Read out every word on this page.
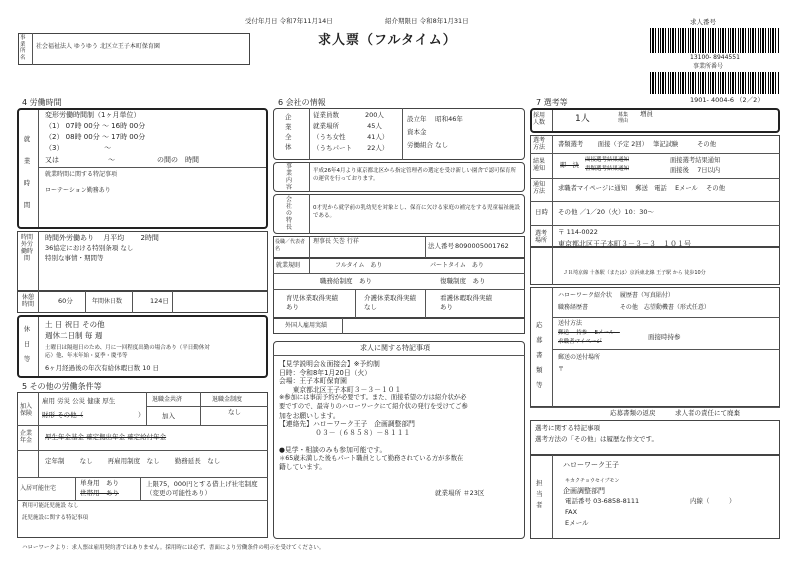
受付年月日 令和7年11月14日	紹介期限日 令和8年1月31日
求人票（フルタイム）
事業所名
社会福祉法人 ゆうゆう 北区立王子本町保育園
求人番号
13100- 8944551
事業所番号
1901- 4004-6 （2／2）
4 労働時間
就業時間
変形労働時間制（1ヶ月単位）
（1） 07時 00分 ～ 16時 00分
（2） 08時 00分 ～ 17時 00分
（3）　　　　　　 ～
又は　　　　　　　～　　　　　　の間の　時間
就業時間に関する特記事項
ローテーション勤務あり
時間外労働時間
時間外労働あり　 月平均　　 2時間
36協定における特別条項 なし
特別な事情・期間等
休憩時間	60分	年間休日数	124日
休日等
土 日 祝日 その他
週休二日制 毎 週
土曜日は隔週日のため、月に一回程度出勤の場合あり（平日勤休対
応）他、年末年始・夏季・慶弔等
6ヶ月経過後の年次有給休暇日数 10 日
5 その他の労働条件等
加入保険
雇用 労災 公災 健康 厚生
財形 その他（	）
退職金共済
加入
退職金制度
なし
企業年金	厚生年金基金 確定拠出年金 確定給付年金
定年制　　 なし　　 再雇用制度　なし　　 勤務延長　なし
入居可能住宅
単身用　あり
世帯用　あり
上限75，000円とする借上げ社宅制度（変更の可能性あり）
利用可能託児施設 なし
託児施設に関する特記事項
6 会社の情報
企業全体
従業員数　　　　200人
就業場所　　　　 45人
（うち女性　　　 41人）
（うちパート　　 22人）
設立年　 昭和46年
資本金
労働組合 なし
事業内容
平成26年4月より東京都北区から指定管理者の選定を受け新しい園舎で認可保育所の運営を行っております。
会社の特長
0才児から就学前の乳幼児を対象とし、保育に欠ける家庭の補完をする児童福祉施設である。
役職／代表者名
理事長 矢巻 行祥
法人番号 8090005001762
就業規則	フルタイム　あり	パートタイム　あり
職務給制度　あり	復職制度　あり
育児休業取得実績　あり
介護休業取得実績　なし
看護休暇取得実績　あり
外国人雇用実績
求人に関する特記事項
【見学説明会＆面接会】※予約制
日時：令和8年1月20日（火）
会場：王子本町保育園
　　東京都北区王子本町３－３－１０１
※参加には事前予約が必要です。また、面接希望の方は紹介状が必
要ですので、最寄りのハローワークにて紹介状の発行を受けてご参
加をお願いします。
【連絡先】ハローワーク王子　企画調整部門
　　　　　 ０３－（６８５８）－８１１１
●見学・相談のみも参加可能です。
＊65歳未満した後もパート職員として勤務されている方が多数在
籍しています。
就業場所 ＃23区
7 選考等
採用人数	1人	募集理由
増員
選考方法	書類選考　　 面接（予定 2回）　 筆記試験　　　その他
結果通知	即　決
面接選考結果通知
書類選考結果通知
面接選考結果通知
面接後　 7日以内
通知方法	求職者マイページに通知　 郵送　電話　 Eメール　 その他
日時 その他 ／1／20（火）10：30～
選考場所
〒 114-0022
東京都北区王子本町３－３－３　１０１号
ＪＲ埼京線 十条駅（または）京浜東北線 王子駅 から 徒歩10分
応募書類等
ハローワーク紹介状　 履歴書（写真貼付）
職務経歴書　　　　　 その他　志望動機書（形式任意）
送付方法
郵送　 持参　 Eメール　
求職者マイページ
面接時持参
郵送の送付場所
〒
応募書類の返戻　　　求人者の責任にて廃棄
選考に関する特記事項
選考方法の「その他」は履歴な作文です。
担当者
ハローワーク王子
キカクチョウセイブモン
企画調整部門
電話番号 03-6858-8111	内線（　　　）
FAX
Eメール
ハローワークより：求人票は雇用契約書ではありません。採用時には必ず、書面により労働条件の明示を受けてください。
